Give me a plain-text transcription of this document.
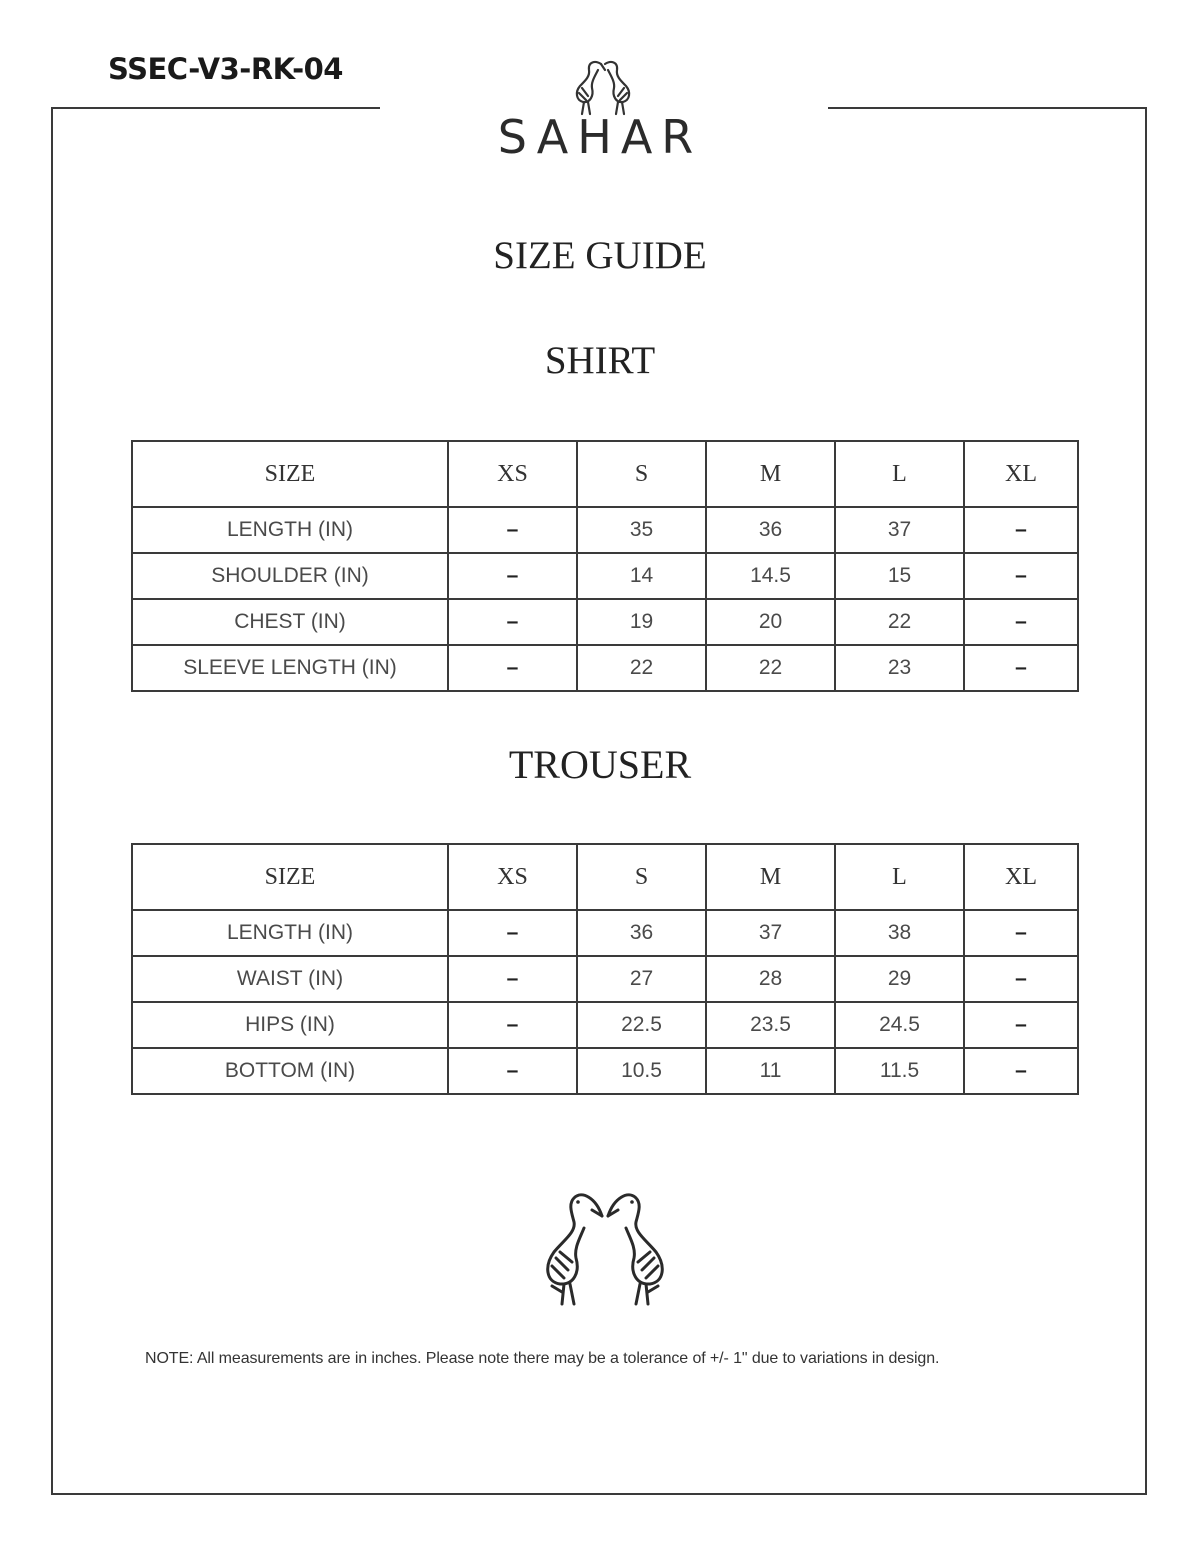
SSEC-V3-RK-04
SAHAR
SIZE GUIDE
SHIRT
SIZE	XS	S	M	L	XL
LENGTH (IN)	–	35	36	37	–
SHOULDER (IN)	–	14	14.5	15	–
CHEST (IN)	–	19	20	22	–
SLEEVE LENGTH (IN)	–	22	22	23	–
TROUSER
SIZE	XS	S	M	L	XL
LENGTH (IN)	–	36	37	38	–
WAIST (IN)	–	27	28	29	–
HIPS (IN)	–	22.5	23.5	24.5	–
BOTTOM (IN)	–	10.5	11	11.5	–
NOTE: All measurements are in inches. Please note there may be a tolerance of +/- 1" due to variations in design.
